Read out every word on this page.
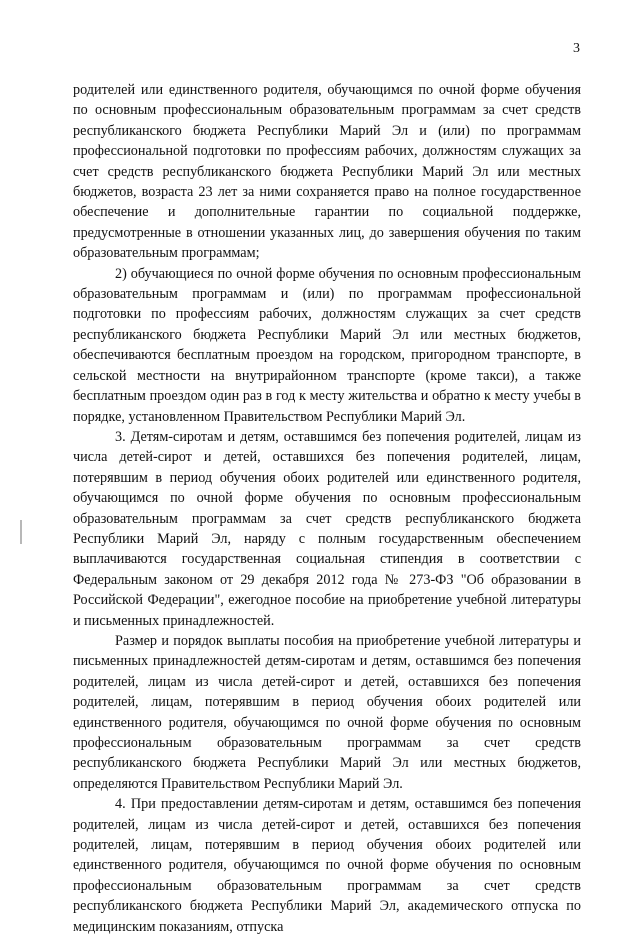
3

родителей или единственного родителя, обучающимся по очной форме обучения по основным профессиональным образовательным программам за счет средств республиканского бюджета Республики Марий Эл и (или) по программам профессиональной подготовки по профессиям рабочих, должностям служащих за счет средств республиканского бюджета Республики Марий Эл или местных бюджетов, возраста 23 лет за ними сохраняется право на полное государственное обеспечение и дополнительные гарантии по социальной поддержке, предусмотренные в отношении указанных лиц, до завершения обучения по таким образовательным программам;

2) обучающиеся по очной форме обучения по основным профессиональным образовательным программам и (или) по программам профессиональной подготовки по профессиям рабочих, должностям служащих за счет средств республиканского бюджета Республики Марий Эл или местных бюджетов, обеспечиваются бесплатным проездом на городском, пригородном транспорте, в сельской местности на внутрирайонном транспорте (кроме такси), а также бесплатным проездом один раз в год к месту жительства и обратно к месту учебы в порядке, установленном Правительством Республики Марий Эл.

3. Детям-сиротам и детям, оставшимся без попечения родителей, лицам из числа детей-сирот и детей, оставшихся без попечения родителей, лицам, потерявшим в период обучения обоих родителей или единственного родителя, обучающимся по очной форме обучения по основным профессиональным образовательным программам за счет средств республиканского бюджета Республики Марий Эл, наряду с полным государственным обеспечением выплачиваются государственная социальная стипендия в соответствии с Федеральным законом от 29 декабря 2012 года № 273-ФЗ "Об образовании в Российской Федерации", ежегодное пособие на приобретение учебной литературы и письменных принадлежностей.

Размер и порядок выплаты пособия на приобретение учебной литературы и письменных принадлежностей детям-сиротам и детям, оставшимся без попечения родителей, лицам из числа детей-сирот и детей, оставшихся без попечения родителей, лицам, потерявшим в период обучения обоих родителей или единственного родителя, обучающимся по очной форме обучения по основным профессиональным образовательным программам за счет средств республиканского бюджета Республики Марий Эл или местных бюджетов, определяются Правительством Республики Марий Эл.

4. При предоставлении детям-сиротам и детям, оставшимся без попечения родителей, лицам из числа детей-сирот и детей, оставшихся без попечения родителей, лицам, потерявшим в период обучения обоих родителей или единственного родителя, обучающимся по очной форме обучения по основным профессиональным образовательным программам за счет средств республиканского бюджета Республики Марий Эл, академического отпуска по медицинским показаниям, отпуска
